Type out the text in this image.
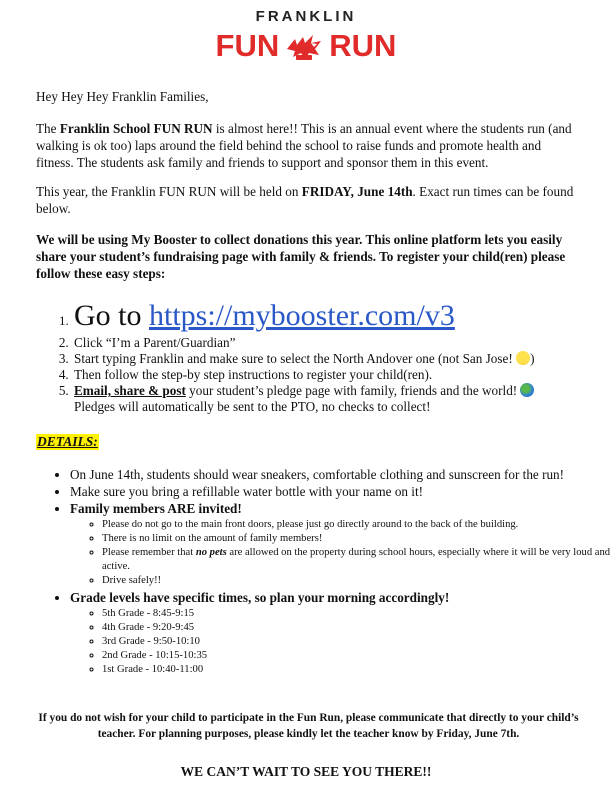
FRANKLIN
FUN RUN
Hey Hey Hey Franklin Families,
The Franklin School FUN RUN is almost here!! This is an annual event where the students run (and walking is ok too) laps around the field behind the school to raise funds and promote health and fitness. The students ask family and friends to support and sponsor them in this event.
This year, the Franklin FUN RUN will be held on FRIDAY, June 14th. Exact run times can be found below.
We will be using My Booster to collect donations this year. This online platform lets you easily share your student’s fundraising page with family & friends. To register your child(ren) please follow these easy steps:
1. Go to https://mybooster.com/v3
2. Click “I’m a Parent/Guardian”
3. Start typing Franklin and make sure to select the North Andover one (not San Jose! )
4. Then follow the step-by step instructions to register your child(ren).
5. Email, share & post your student’s pledge page with family, friends and the world!
Pledges will automatically be sent to the PTO, no checks to collect!
DETAILS:
• On June 14th, students should wear sneakers, comfortable clothing and sunscreen for the run!
• Make sure you bring a refillable water bottle with your name on it!
• Family members ARE invited!
◦ Please do not go to the main front doors, please just go directly around to the back of the building.
◦ There is no limit on the amount of family members!
◦ Please remember that no pets are allowed on the property during school hours, especially where it will be very loud and active.
◦ Drive safely!!
• Grade levels have specific times, so plan your morning accordingly!
◦ 5th Grade - 8:45-9:15
◦ 4th Grade - 9:20-9:45
◦ 3rd Grade - 9:50-10:10
◦ 2nd Grade - 10:15-10:35
◦ 1st Grade - 10:40-11:00
If you do not wish for your child to participate in the Fun Run, please communicate that directly to your child’s teacher. For planning purposes, please kindly let the teacher know by Friday, June 7th.
WE CAN’T WAIT TO SEE YOU THERE!!
